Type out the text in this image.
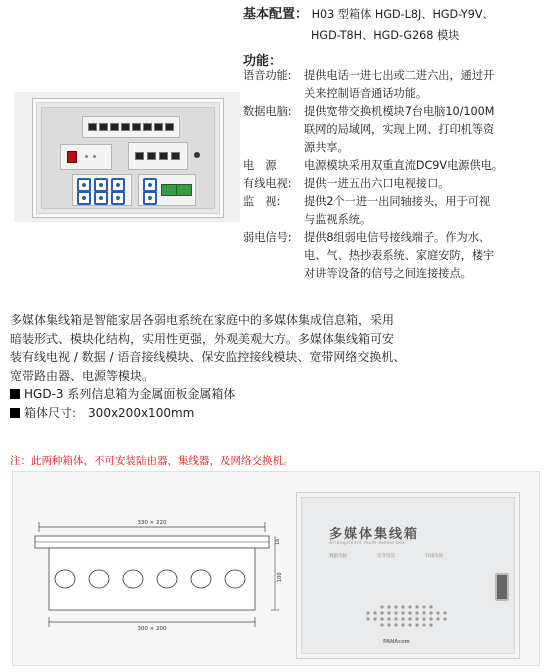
基本配置： H03 型箱体 HGD-L8J、HGD-Y9V、
HGD-T8H、HGD-G268 模块
功能：
语音功能: 提供电话一进七出或二进六出，通过开
关来控制语音通话功能。
数据电脑: 提供宽带交换机模块7台电脑10/100M
联网的局域网，实现上网、打印机等资
源共享。
电　源 电源模块采用双重直流DC9V电源供电。
有线电视: 提供一进五出六口电视接口。
监　视: 提供2个一进一出同轴接头，用于可视
与监视系统。
弱电信号: 提供8组弱电信号接线端子。作为水、
电、气、热抄表系统、家庭安防，楼宇
对讲等设备的信号之间连接接点。
多媒体集线箱是智能家居各弱电系统在家庭中的多媒体集成信息箱，采用
暗装形式、模块化结构，实用性更强，外观美观大方。多媒体集线箱可安
装有线电视 / 数据 / 语音接线模块、保安监控接线模块、宽带网络交换机、
宽带路由器、电源等模块。
HGD-3 系列信息箱为金属面板金属箱体
箱体尺寸:　300x200x100mm
注：此两种箱体，不可安装陆由器，集线器，及网络交换机。
330 × 220
300 × 200
16
100
多媒体集线箱
Arrangement multi-media box
数据电脑	语音电话	有线电视
PANAcom
